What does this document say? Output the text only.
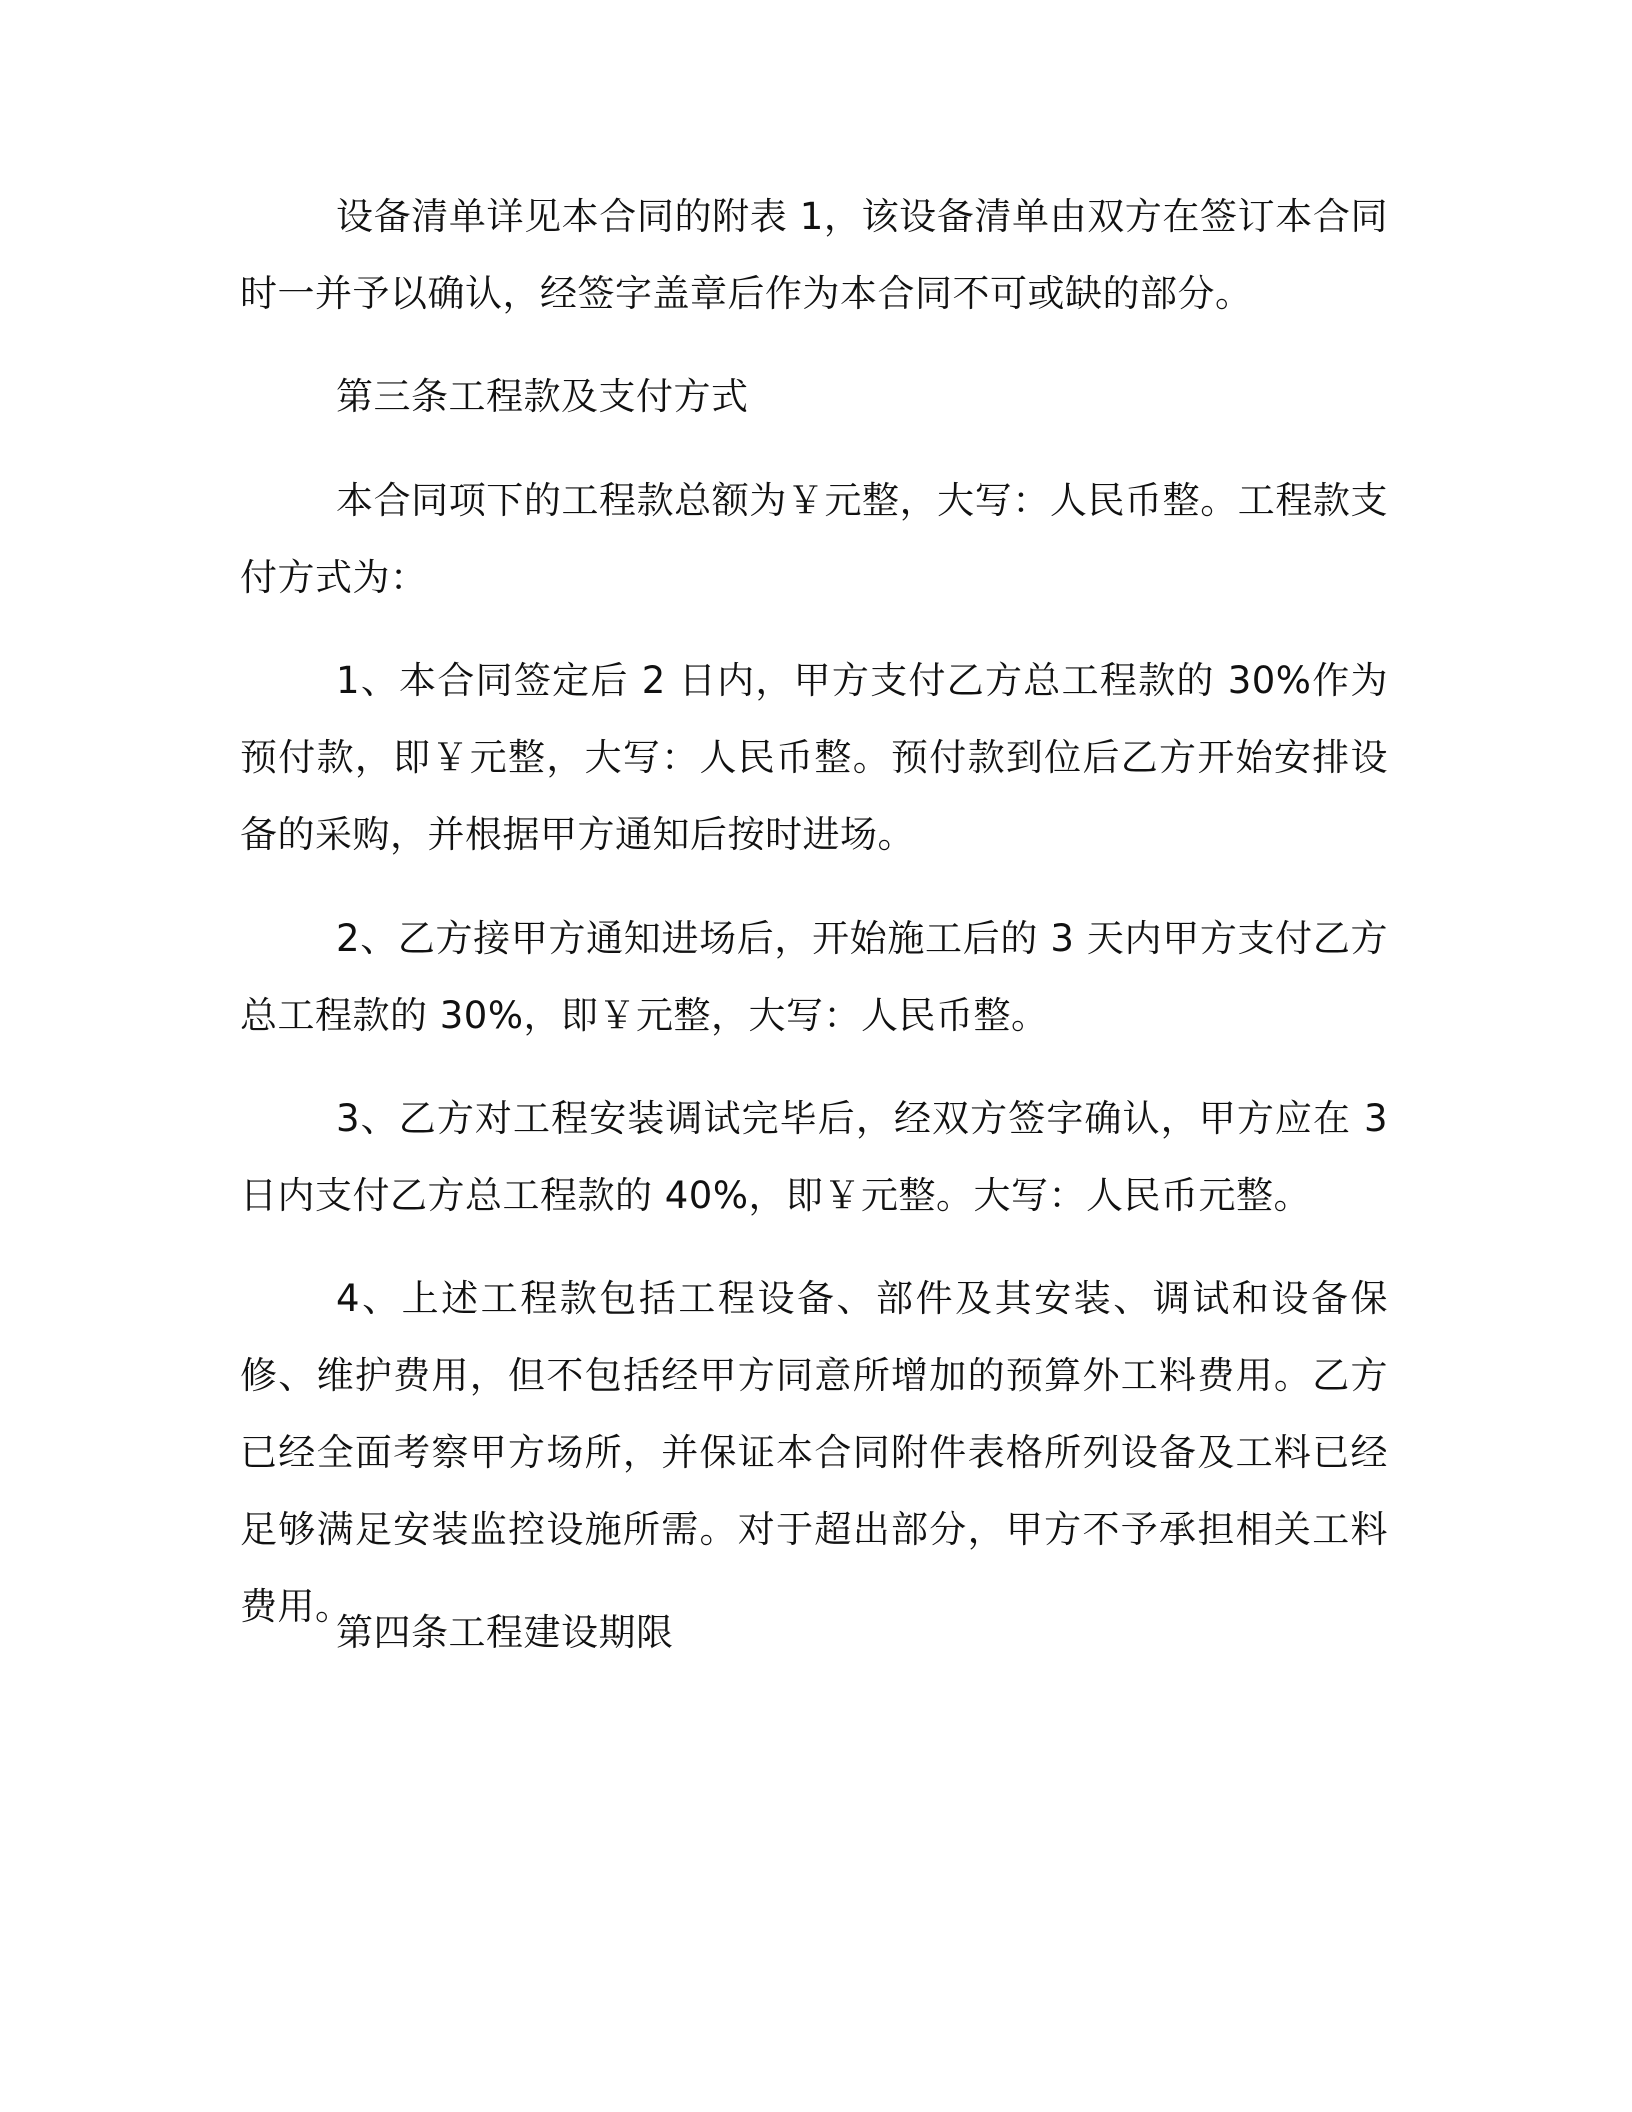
设备清单详见本合同的附表 1，该设备清单由双方在签订本合同时一并予以确认，经签字盖章后作为本合同不可或缺的部分。

第三条工程款及支付方式

本合同项下的工程款总额为￥元整，大写：人民币整。工程款支付方式为：

1、本合同签定后 2 日内，甲方支付乙方总工程款的 30%作为预付款，即￥元整，大写：人民币整。预付款到位后乙方开始安排设备的采购，并根据甲方通知后按时进场。

2、乙方接甲方通知进场后，开始施工后的 3 天内甲方支付乙方总工程款的 30%，即￥元整，大写：人民币整。

3、乙方对工程安装调试完毕后，经双方签字确认，甲方应在 3 日内支付乙方总工程款的 40%，即￥元整。大写：人民币元整。

4、上述工程款包括工程设备、部件及其安装、调试和设备保修、维护费用，但不包括经甲方同意所增加的预算外工料费用。乙方已经全面考察甲方场所，并保证本合同附件表格所列设备及工料已经足够满足安装监控设施所需。对于超出部分，甲方不予承担相关工料费用。

第四条工程建设期限
